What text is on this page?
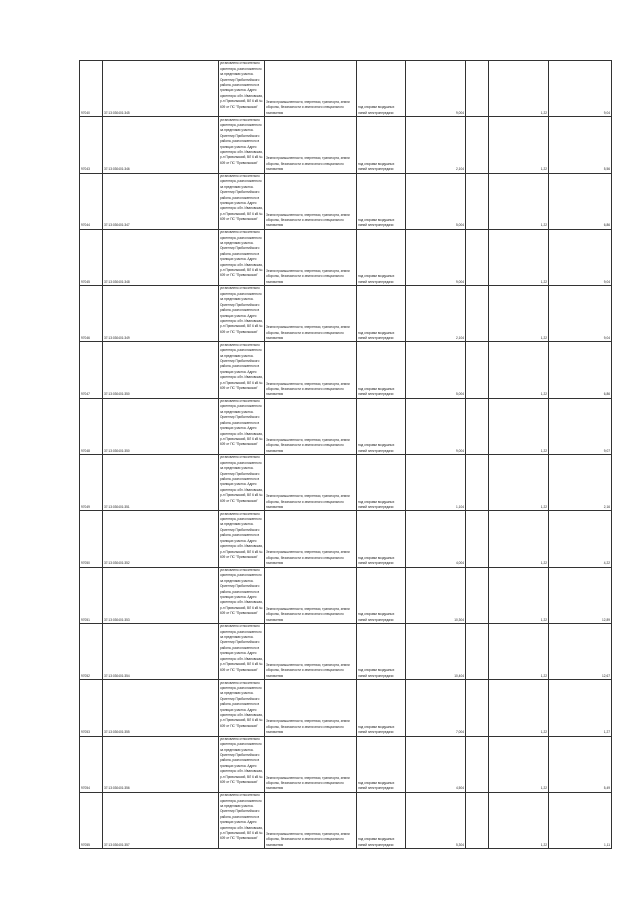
97040	37:13:030401:345	установлено относительно ориентира, расположенного за пределами участка. Ориентир Прибалтийского района, расположенного в границах участка. Адрес ориентира: обл. Ивановская, р-н Приволжский, ВЛ 6 кВ № 609 от ПС "Приволжская"	Земли промышленности, энергетики, транспорта, земли обороны, безопасности и земли иного специального назначения	под опорами воздушных линий электропередачи	9,004		1,22	9,04
97043	37:13:030401:346	установлено относительно ориентира, расположенного за пределами участка. Ориентир Прибалтийского района, расположенного в границах участка. Адрес ориентира: обл. Ивановская, р-н Приволжский, ВЛ 6 кВ № 609 от ПС "Приволжская"	Земли промышленности, энергетики, транспорта, земли обороны, безопасности и земли иного специального назначения	под опорами воздушных линий электропередачи	2,104		1,22	5,56
97044	37:13:030401:347	установлено относительно ориентира, расположенного за пределами участка. Ориентир Прибалтийского района, расположенного в границах участка. Адрес ориентира: обл. Ивановская, р-н Приволжский, ВЛ 6 кВ № 609 от ПС "Приволжская"	Земли промышленности, энергетики, транспорта, земли обороны, безопасности и земли иного специального назначения	под опорами воздушных линий электропередачи	5,004		1,22	6,86
97045	37:13:030401:348	установлено относительно ориентира, расположенного за пределами участка. Ориентир Прибалтийского района, расположенного в границах участка. Адрес ориентира: обл. Ивановская, р-н Приволжский, ВЛ 6 кВ № 609 от ПС "Приволжская"	Земли промышленности, энергетики, транспорта, земли обороны, безопасности и земли иного специального назначения	под опорами воздушных линий электропередачи	9,004		1,22	9,04
97046	37:13:030401:349	установлено относительно ориентира, расположенного за пределами участка. Ориентир Прибалтийского района, расположенного в границах участка. Адрес ориентира: обл. Ивановская, р-н Приволжский, ВЛ 6 кВ № 609 от ПС "Приволжская"	Земли промышленности, энергетики, транспорта, земли обороны, безопасности и земли иного специального назначения	под опорами воздушных линий электропередачи	2,104		1,22	9,04
97047	37:13:030401:350	установлено относительно ориентира, расположенного за пределами участка. Ориентир Прибалтийского района, расположенного в границах участка. Адрес ориентира: обл. Ивановская, р-н Приволжский, ВЛ 6 кВ № 609 от ПС "Приволжская"	Земли промышленности, энергетики, транспорта, земли обороны, безопасности и земли иного специального назначения	под опорами воздушных линий электропередачи	5,004		1,22	6,86
97048	37:13:030401:350	установлено относительно ориентира, расположенного за пределами участка. Ориентир Прибалтийского района, расположенного в границах участка. Адрес ориентира: обл. Ивановская, р-н Приволжский, ВЛ 6 кВ № 609 от ПС "Приволжская"	Земли промышленности, энергетики, транспорта, земли обороны, безопасности и земли иного специального назначения	под опорами воздушных линий электропередачи	9,004		1,22	9,07
97049	37:13:030401:351	установлено относительно ориентира, расположенного за пределами участка. Ориентир Прибалтийского района, расположенного в границах участка. Адрес ориентира: обл. Ивановская, р-н Приволжский, ВЛ 6 кВ № 609 от ПС "Приволжская"	Земли промышленности, энергетики, транспорта, земли обороны, безопасности и земли иного специального назначения	под опорами воздушных линий электропередачи	1,104		1,22	2,16
97050	37:13:030401:352	установлено относительно ориентира, расположенного за пределами участка. Ориентир Прибалтийского района, расположенного в границах участка. Адрес ориентира: обл. Ивановская, р-н Приволжский, ВЛ 6 кВ № 609 от ПС "Приволжская"	Земли промышленности, энергетики, транспорта, земли обороны, безопасности и земли иного специального назначения	под опорами воздушных линий электропередачи	4,004		1,22	4,22
97051	37:13:030401:353	установлено относительно ориентира, расположенного за пределами участка. Ориентир Прибалтийского района, расположенного в границах участка. Адрес ориентира: обл. Ивановская, р-н Приволжский, ВЛ 6 кВ № 609 от ПС "Приволжская"	Земли промышленности, энергетики, транспорта, земли обороны, безопасности и земли иного специального назначения	под опорами воздушных линий электропередачи	10,304		1,22	12,89
97052	37:13:030401:354	установлено относительно ориентира, расположенного за пределами участка. Ориентир Прибалтийского района, расположенного в границах участка. Адрес ориентира: обл. Ивановская, р-н Приволжский, ВЛ 6 кВ № 609 от ПС "Приволжская"	Земли промышленности, энергетики, транспорта, земли обороны, безопасности и земли иного специального назначения	под опорами воздушных линий электропередачи	10,404		1,22	12,67
97053	37:13:030401:355	установлено относительно ориентира, расположенного за пределами участка. Ориентир Прибалтийского района, расположенного в границах участка. Адрес ориентира: обл. Ивановская, р-н Приволжский, ВЛ 6 кВ № 609 от ПС "Приволжская"	Земли промышленности, энергетики, транспорта, земли обороны, безопасности и земли иного специального назначения	под опорами воздушных линий электропередачи	7,004		1,22	1,27
97054	37:13:030401:356	установлено относительно ориентира, расположенного за пределами участка. Ориентир Прибалтийского района, расположенного в границах участка. Адрес ориентира: обл. Ивановская, р-н Приволжский, ВЛ 6 кВ № 609 от ПС "Приволжская"	Земли промышленности, энергетики, транспорта, земли обороны, безопасности и земли иного специального назначения	под опорами воздушных линий электропередачи	4,504		1,22	5,49
97055	37:13:030401:357	установлено относительно ориентира, расположенного за пределами участка. Ориентир Прибалтийского района, расположенного в границах участка. Адрес ориентира: обл. Ивановская, р-н Приволжский, ВЛ 6 кВ № 609 от ПС "Приволжская"	Земли промышленности, энергетики, транспорта, земли обороны, безопасности и земли иного специального назначения	под опорами воздушных линий электропередачи	5,304		1,22	1,11
